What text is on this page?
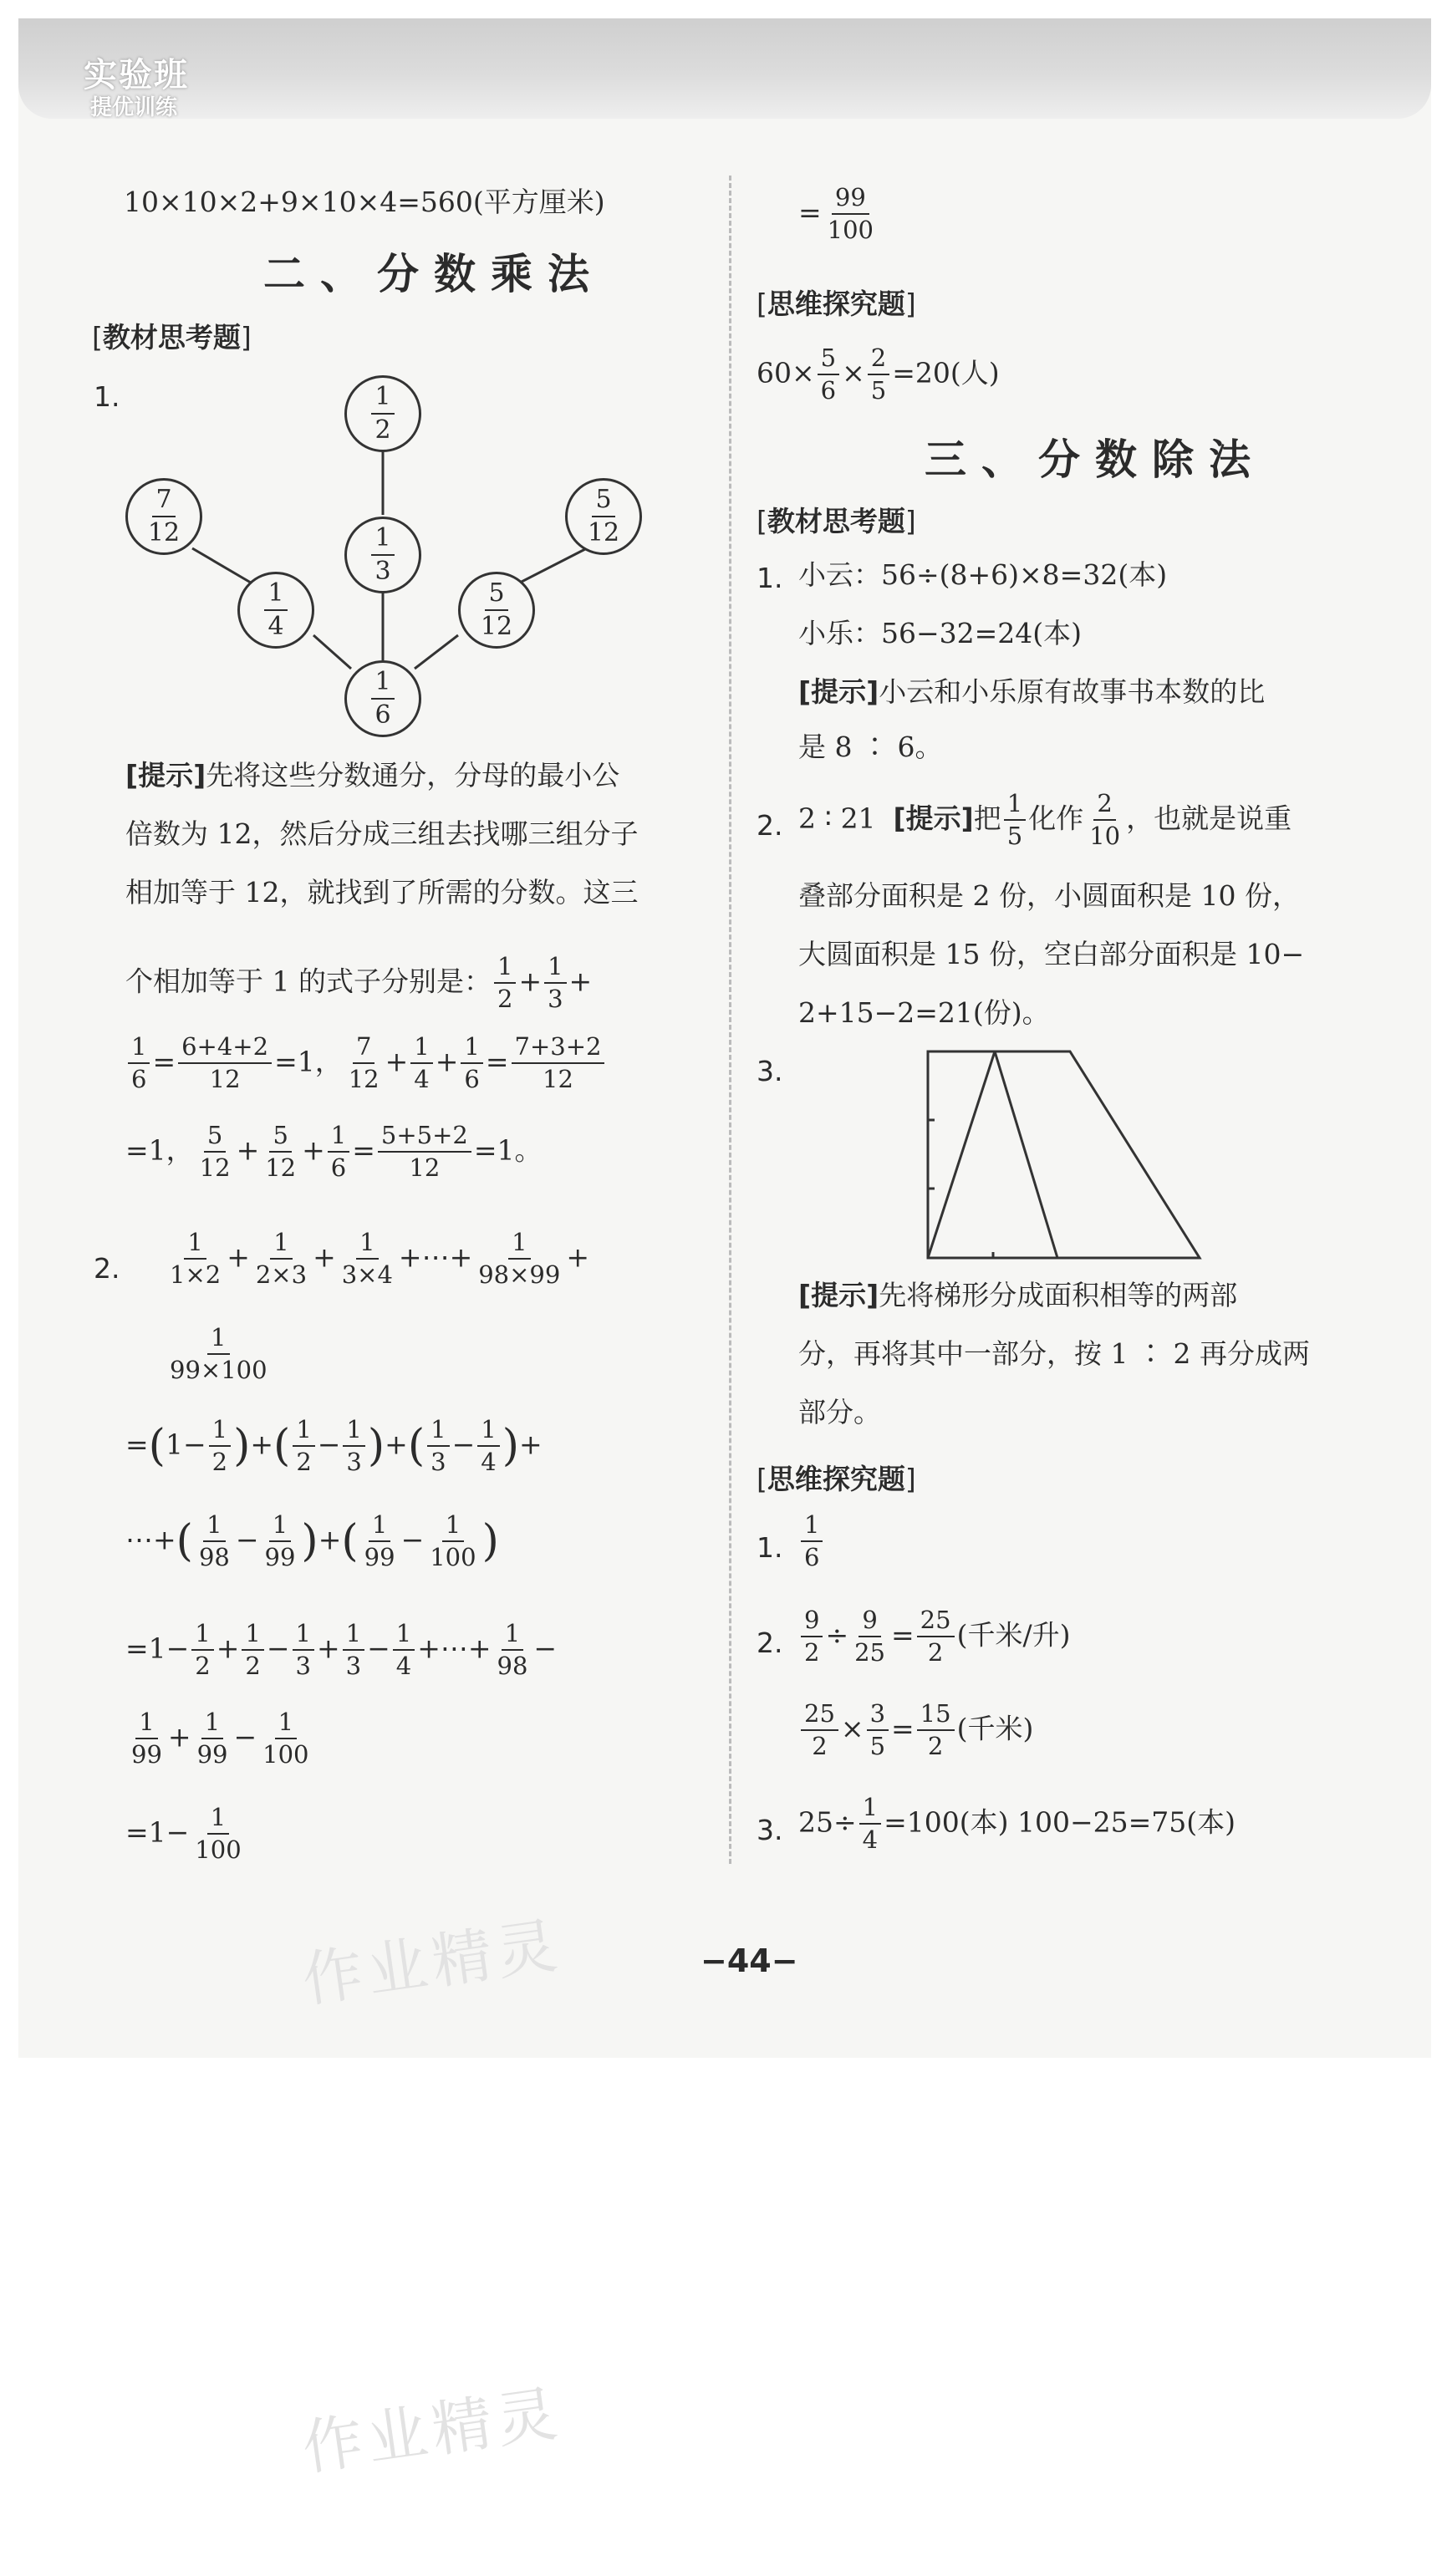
实验班
提优训练
10×10×2+9×10×4=560(平方厘米)
二、分数乘法
[教材思考题]
1.	$\frac{1}{2}$
$\frac{1}{3}$
$\frac{1}{6}$
$\frac{7}{12}$
$\frac{1}{4}$
$\frac{5}{12}$
$\frac{5}{12}$
[提示]先将这些分数通分，分母的最小公
倍数为 12，然后分成三组去找哪三组分子
相加等于 12，就找到了所需的分数。这三
个相加等于 1 的式子分别是： $\frac{1}{2} + \frac{1}{3}$ +
$\frac{1}{6} = \frac{6+4+2}{12} =1$， $\frac{7}{12} + \frac{1}{4} + \frac{1}{6} = \frac{7+3+2}{12}$
=1， $\frac{5}{12} + \frac{5}{12} + \frac{1}{6} = \frac{5+5+2}{12} =1$。
2. $\frac{1}{1\times 2} + \frac{1}{2\times 3} + \frac{1}{3\times 4}$ +⋯+ $\frac{1}{98\times 99}$ +
$\frac{1}{99\times 100}$
$=(1- \frac{1}{2}$ )+( $\frac{1}{2} - \frac{1}{3}$ )+( $\frac{1}{3} - \frac{1}{4}$ )+
⋯+( $\frac{1}{98} - \frac{1}{99}$ )+( $\frac{1}{99} - \frac{1}{100}$ )
$=1- \frac{1}{2} + \frac{1}{2} - \frac{1}{3} + \frac{1}{3} - \frac{1}{4}$ +⋯+ $\frac{1}{98}$ −
$\frac{1}{99} + \frac{1}{99} - \frac{1}{100}$
$=1- \frac{1}{100}$
= $\frac{99}{100}$
[思维探究题]
$60\times \frac{5}{6} \times \frac{2}{5} =20$(人)
三、分数除法
[教材思考题]
1. 小云：56÷(8+6)×8=32(本)
小乐：56−32=24(本)
[提示]小云和小乐原有故事书本数的比
是 8 ∶ 6。
2. 2 ∶ 21 [提示]把 $\frac{1}{5}$ 化作 $\frac{2}{10}$ ，也就是说重
叠部分面积是 2 份，小圆面积是 10 份，
大圆面积是 15 份，空白部分面积是 10−
2+15−2=21(份)。
3.
[提示]先将梯形分成面积相等的两部
分，再将其中一部分，按 1 ∶ 2 再分成两
部分。
[思维探究题]
1. $\frac{1}{6}$
2. $\frac{9}{2} \div \frac{9}{25} = \frac{25}{2}$ (千米/升)
$\frac{25}{2} \times \frac{3}{5} = \frac{15}{2}$ (千米)
3. $25\div \frac{1}{4} =100$(本) 100−25=75(本)
−44−
作业精灵
作业精灵
